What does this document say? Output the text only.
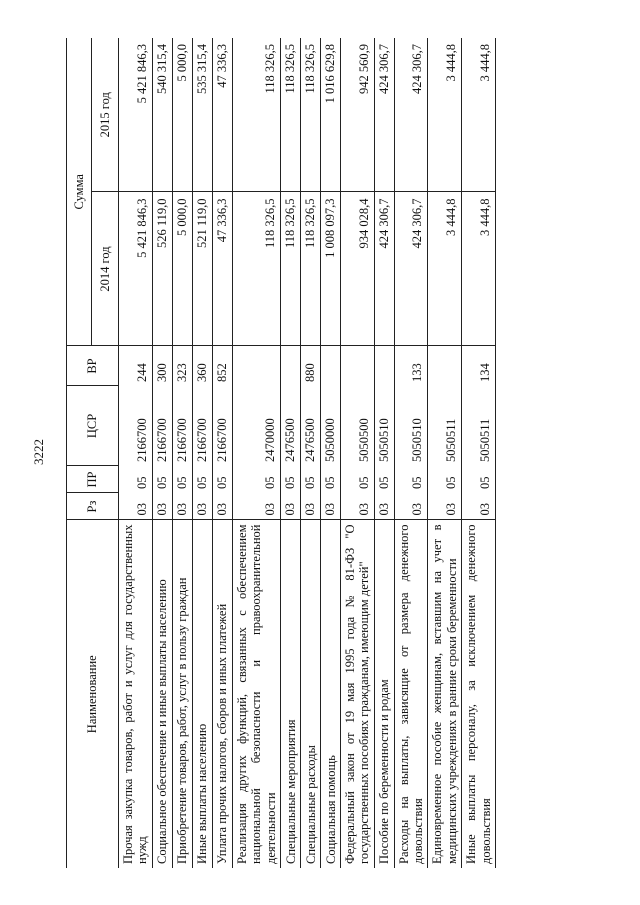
3222
Наименование	Рз	ПР	ЦСР	ВР	Сумма	
					2014 год	2015 год
Прочая закупка товаров, работ и услуг для государственных нужд	03	05	2166700	244	5 421 846,3	5 421 846,3
Социальное обеспечение и иные выплаты населению	03	05	2166700	300	526 119,0	540 315,4
Приобретение товаров, работ, услуг в пользу граждан	03	05	2166700	323	5 000,0	5 000,0
Иные выплаты населению	03	05	2166700	360	521 119,0	535 315,4
Уплата прочих налогов, сборов и иных платежей	03	05	2166700	852	47 336,3	47 336,3
Реализация других функций, связанных с обеспечением национальной безопасности и правоохранительной деятельности	03	05	2470000		118 326,5	118 326,5
Специальные мероприятия	03	05	2476500		118 326,5	118 326,5
Специальные расходы	03	05	2476500	880	118 326,5	118 326,5
Социальная помощь	03	05	5050000		1 008 097,3	1 016 629,8
Федеральный закон от 19 мая 1995 года № 81-ФЗ "О государственных пособиях гражданам, имеющим детей"	03	05	5050500		934 028,4	942 560,9
Пособие по беременности и родам	03	05	5050510		424 306,7	424 306,7
Расходы на выплаты, зависящие от размера денежного довольствия	03	05	5050510	133	424 306,7	424 306,7
Единовременное пособие женщинам, вставшим на учет в медицинских учреждениях в ранние сроки беременности	03	05	5050511		3 444,8	3 444,8
Иные выплаты персоналу, за исключением денежного довольствия	03	05	5050511	134	3 444,8	3 444,8
